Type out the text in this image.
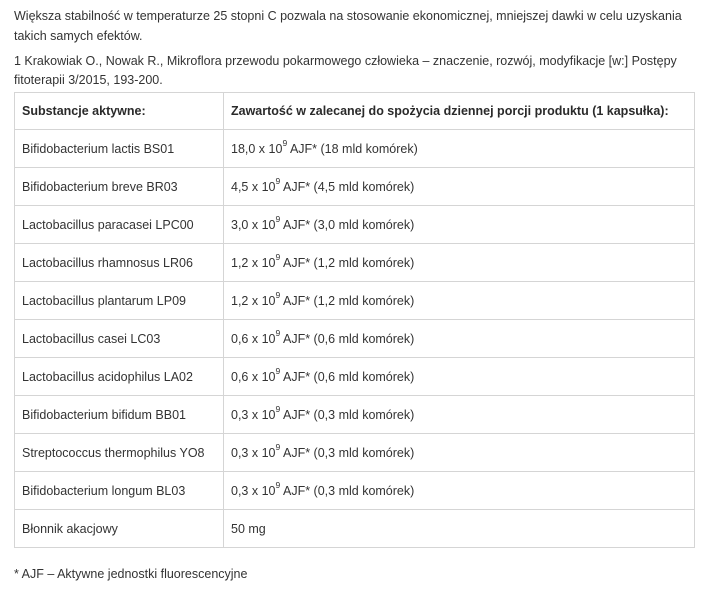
Większa stabilność w temperaturze 25 stopni C pozwala na stosowanie ekonomicznej, mniejszej dawki w celu uzyskania takich samych efektów.

1 Krakowiak O., Nowak R., Mikroflora przewodu pokarmowego człowieka – znaczenie, rozwój, modyfikacje [w:] Postępy fitoterapii 3/2015, 193-200.

Substancje aktywne:	Zawartość w zalecanej do spożycia dziennej porcji produktu (1 kapsułka):
Bifidobacterium lactis BS01	18,0 x $10^9$ AJF* (18 mld komórek)
Bifidobacterium breve BR03	4,5 x $10^9$ AJF* (4,5 mld komórek)
Lactobacillus paracasei LPC00	3,0 x $10^9$ AJF* (3,0 mld komórek)
Lactobacillus rhamnosus LR06	1,2 x $10^9$ AJF* (1,2 mld komórek)
Lactobacillus plantarum LP09	1,2 x $10^9$ AJF* (1,2 mld komórek)
Lactobacillus casei LC03	0,6 x $10^9$ AJF* (0,6 mld komórek)
Lactobacillus acidophilus LA02	0,6 x $10^9$ AJF* (0,6 mld komórek)
Bifidobacterium bifidum BB01	0,3 x $10^9$ AJF* (0,3 mld komórek)
Streptococcus thermophilus YO8	0,3 x $10^9$ AJF* (0,3 mld komórek)
Bifidobacterium longum BL03	0,3 x $10^9$ AJF* (0,3 mld komórek)
Błonnik akacjowy	50 mg

* AJF – Aktywne jednostki fluorescencyjne
